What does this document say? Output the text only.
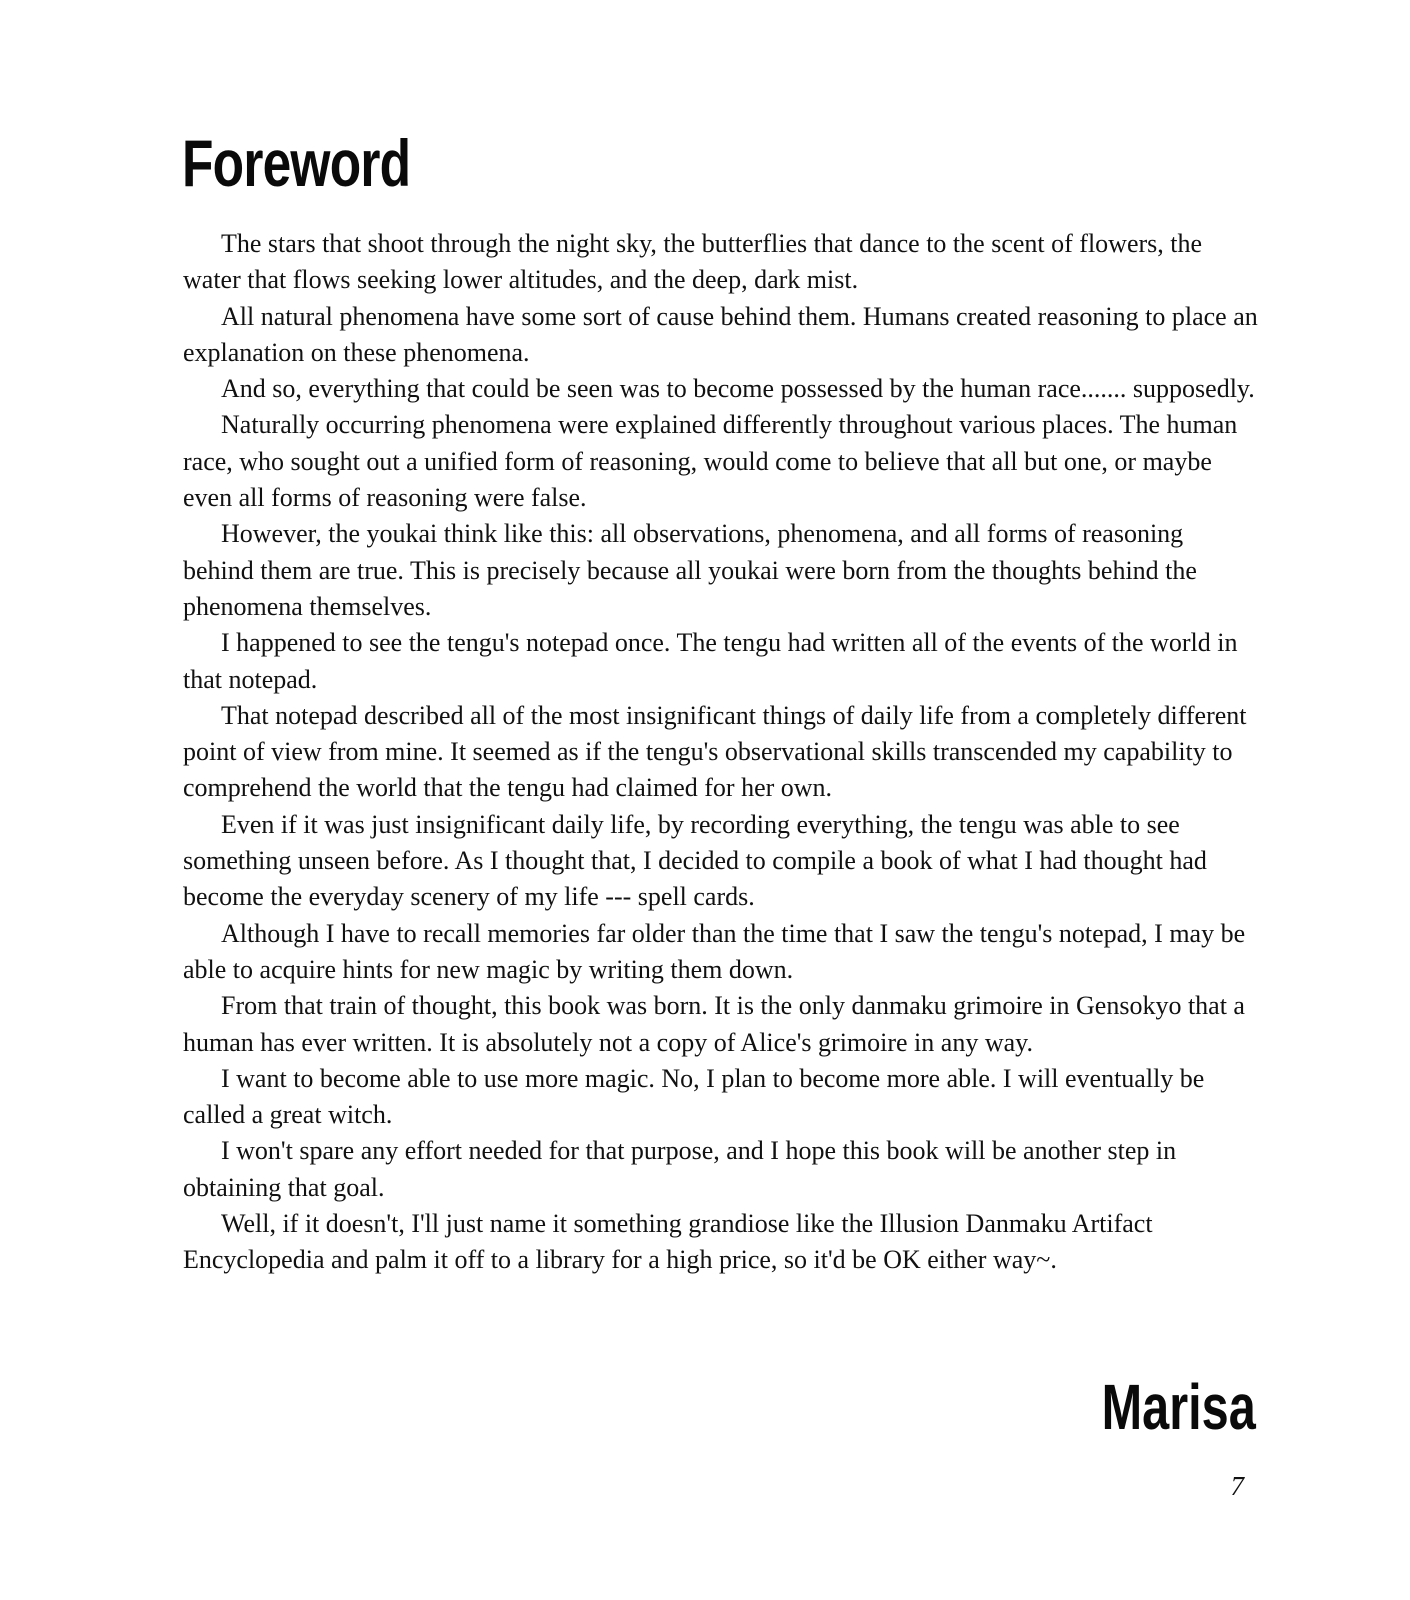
Foreword

The stars that shoot through the night sky, the butterflies that dance to the scent of flowers, the water that flows seeking lower altitudes, and the deep, dark mist.

All natural phenomena have some sort of cause behind them. Humans created reasoning to place an explanation on these phenomena.

And so, everything that could be seen was to become possessed by the human race....... supposedly.

Naturally occurring phenomena were explained differently throughout various places. The human race, who sought out a unified form of reasoning, would come to believe that all but one, or maybe even all forms of reasoning were false.

However, the youkai think like this: all observations, phenomena, and all forms of reasoning behind them are true. This is precisely because all youkai were born from the thoughts behind the phenomena themselves.

I happened to see the tengu's notepad once. The tengu had written all of the events of the world in that notepad.

That notepad described all of the most insignificant things of daily life from a completely different point of view from mine. It seemed as if the tengu's observational skills transcended my capability to comprehend the world that the tengu had claimed for her own.

Even if it was just insignificant daily life, by recording everything, the tengu was able to see something unseen before. As I thought that, I decided to compile a book of what I had thought had become the everyday scenery of my life --- spell cards.

Although I have to recall memories far older than the time that I saw the tengu's notepad, I may be able to acquire hints for new magic by writing them down.

From that train of thought, this book was born. It is the only danmaku grimoire in Gensokyo that a human has ever written. It is absolutely not a copy of Alice's grimoire in any way.

I want to become able to use more magic. No, I plan to become more able. I will eventually be called a great witch.

I won't spare any effort needed for that purpose, and I hope this book will be another step in obtaining that goal.

Well, if it doesn't, I'll just name it something grandiose like the Illusion Danmaku Artifact Encyclopedia and palm it off to a library for a high price, so it'd be OK either way~.

Marisa
7
